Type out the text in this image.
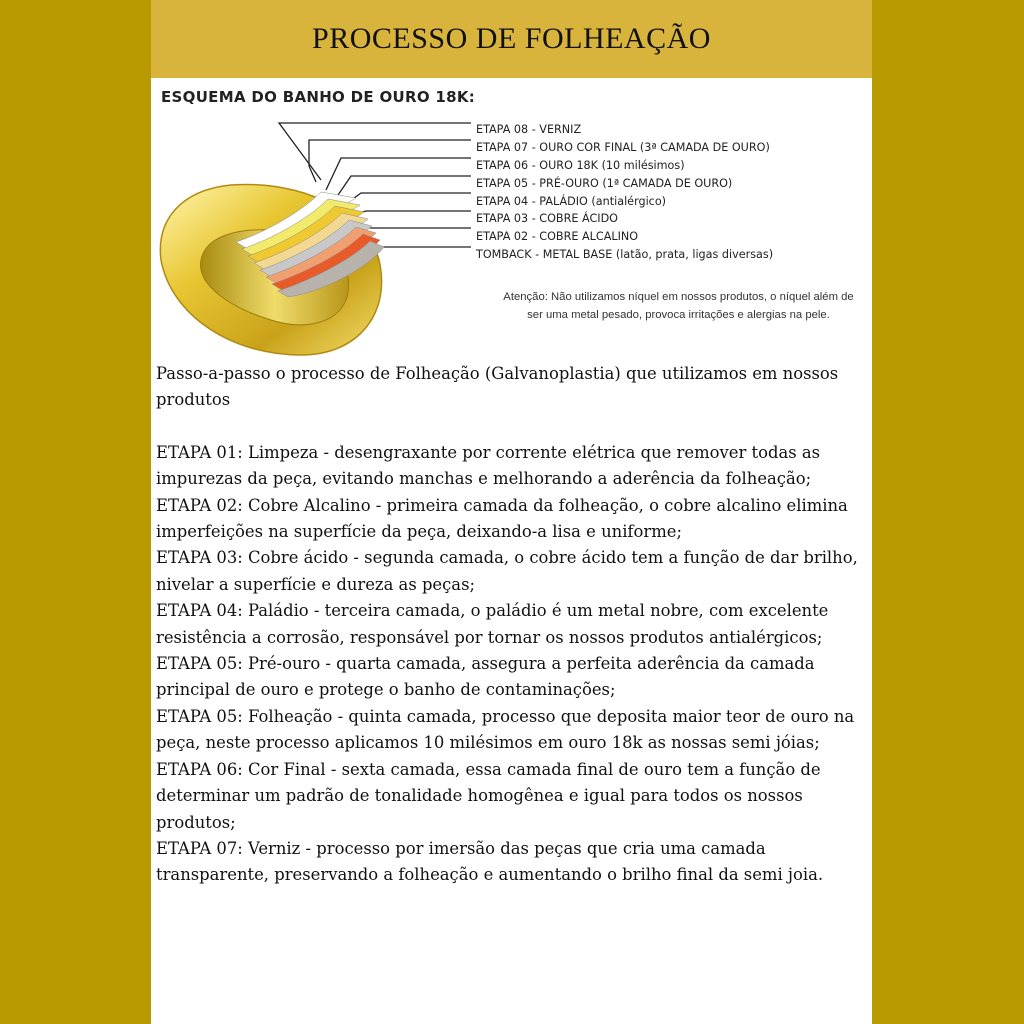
PROCESSO DE FOLHEAÇÃO
ESQUEMA DO BANHO DE OURO 18K:
ETAPA 08 - VERNIZ
ETAPA 07 - OURO COR FINAL (3ª CAMADA DE OURO)
ETAPA 06 - OURO 18K (10 milésimos)
ETAPA 05 - PRÉ-OURO (1ª CAMADA DE OURO)
ETAPA 04 - PALÁDIO (antialérgico)
ETAPA 03 - COBRE ÁCIDO
ETAPA 02 - COBRE ALCALINO
TOMBACK - METAL BASE (latão, prata, ligas diversas)
Atenção: Não utilizamos níquel em nossos produtos, o níquel além de ser uma metal pesado, provoca irritações e alergias na pele.

Passo-a-passo o processo de Folheação (Galvanoplastia) que utilizamos em nossos produtos

ETAPA 01: Limpeza - desengraxante por corrente elétrica que remover todas as impurezas da peça, evitando manchas e melhorando a aderência da folheação;

ETAPA 02: Cobre Alcalino - primeira camada da folheação, o cobre alcalino elimina imperfeições na superfície da peça, deixando-a lisa e uniforme;

ETAPA 03: Cobre ácido - segunda camada, o cobre ácido tem a função de dar brilho, nivelar a superfície e dureza as peças;

ETAPA 04: Paládio - terceira camada, o paládio é um metal nobre, com excelente resistência a corrosão, responsável por tornar os nossos produtos antialérgicos;

ETAPA 05: Pré-ouro - quarta camada, assegura a perfeita aderência da camada principal de ouro e protege o banho de contaminações;

ETAPA 05: Folheação - quinta camada, processo que deposita maior teor de ouro na peça, neste processo aplicamos 10 milésimos em ouro 18k as nossas semi jóias;

ETAPA 06: Cor Final - sexta camada, essa camada final de ouro tem a função de determinar um padrão de tonalidade homogênea e igual para todos os nossos produtos;

ETAPA 07: Verniz - processo por imersão das peças que cria uma camada transparente, preservando a folheação e aumentando o brilho final da semi joia.
